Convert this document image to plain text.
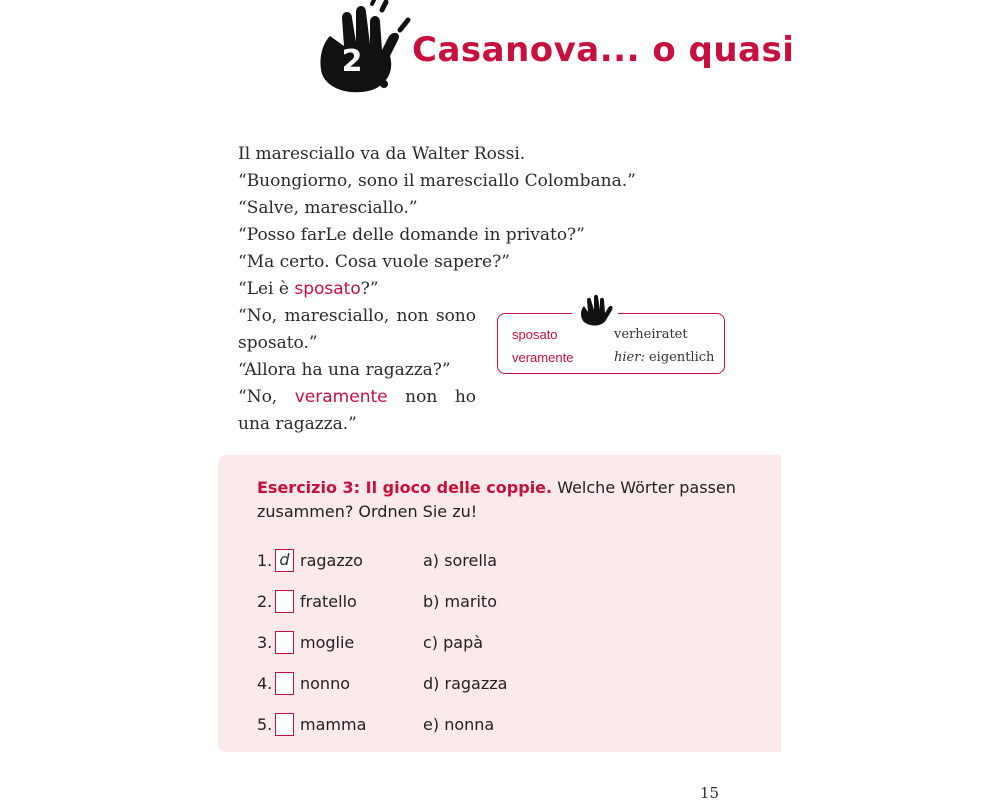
2 Casanova... o quasi

Il maresciallo va da Walter Rossi.

“Buongiorno, sono il maresciallo Colombana.”

“Salve, maresciallo.”

“Posso farLe delle domande in privato?”

“Ma certo. Cosa vuole sapere?”

“Lei è sposato?”

“No, maresciallo, non sono sposato.”

“Allora ha una ragazza?”

“No, veramente non ho una ragazza.”

sposato	verheiratet
veramente	hier: eigentlich
Esercizio 3: Il gioco delle coppie. Welche Wörter passen zusammen? Ordnen Sie zu!
1. d ragazzo	a) sorella
2. fratello	b) marito
3. moglie	c) papà
4. nonno	d) ragazza
5. mamma	e) nonna
15
